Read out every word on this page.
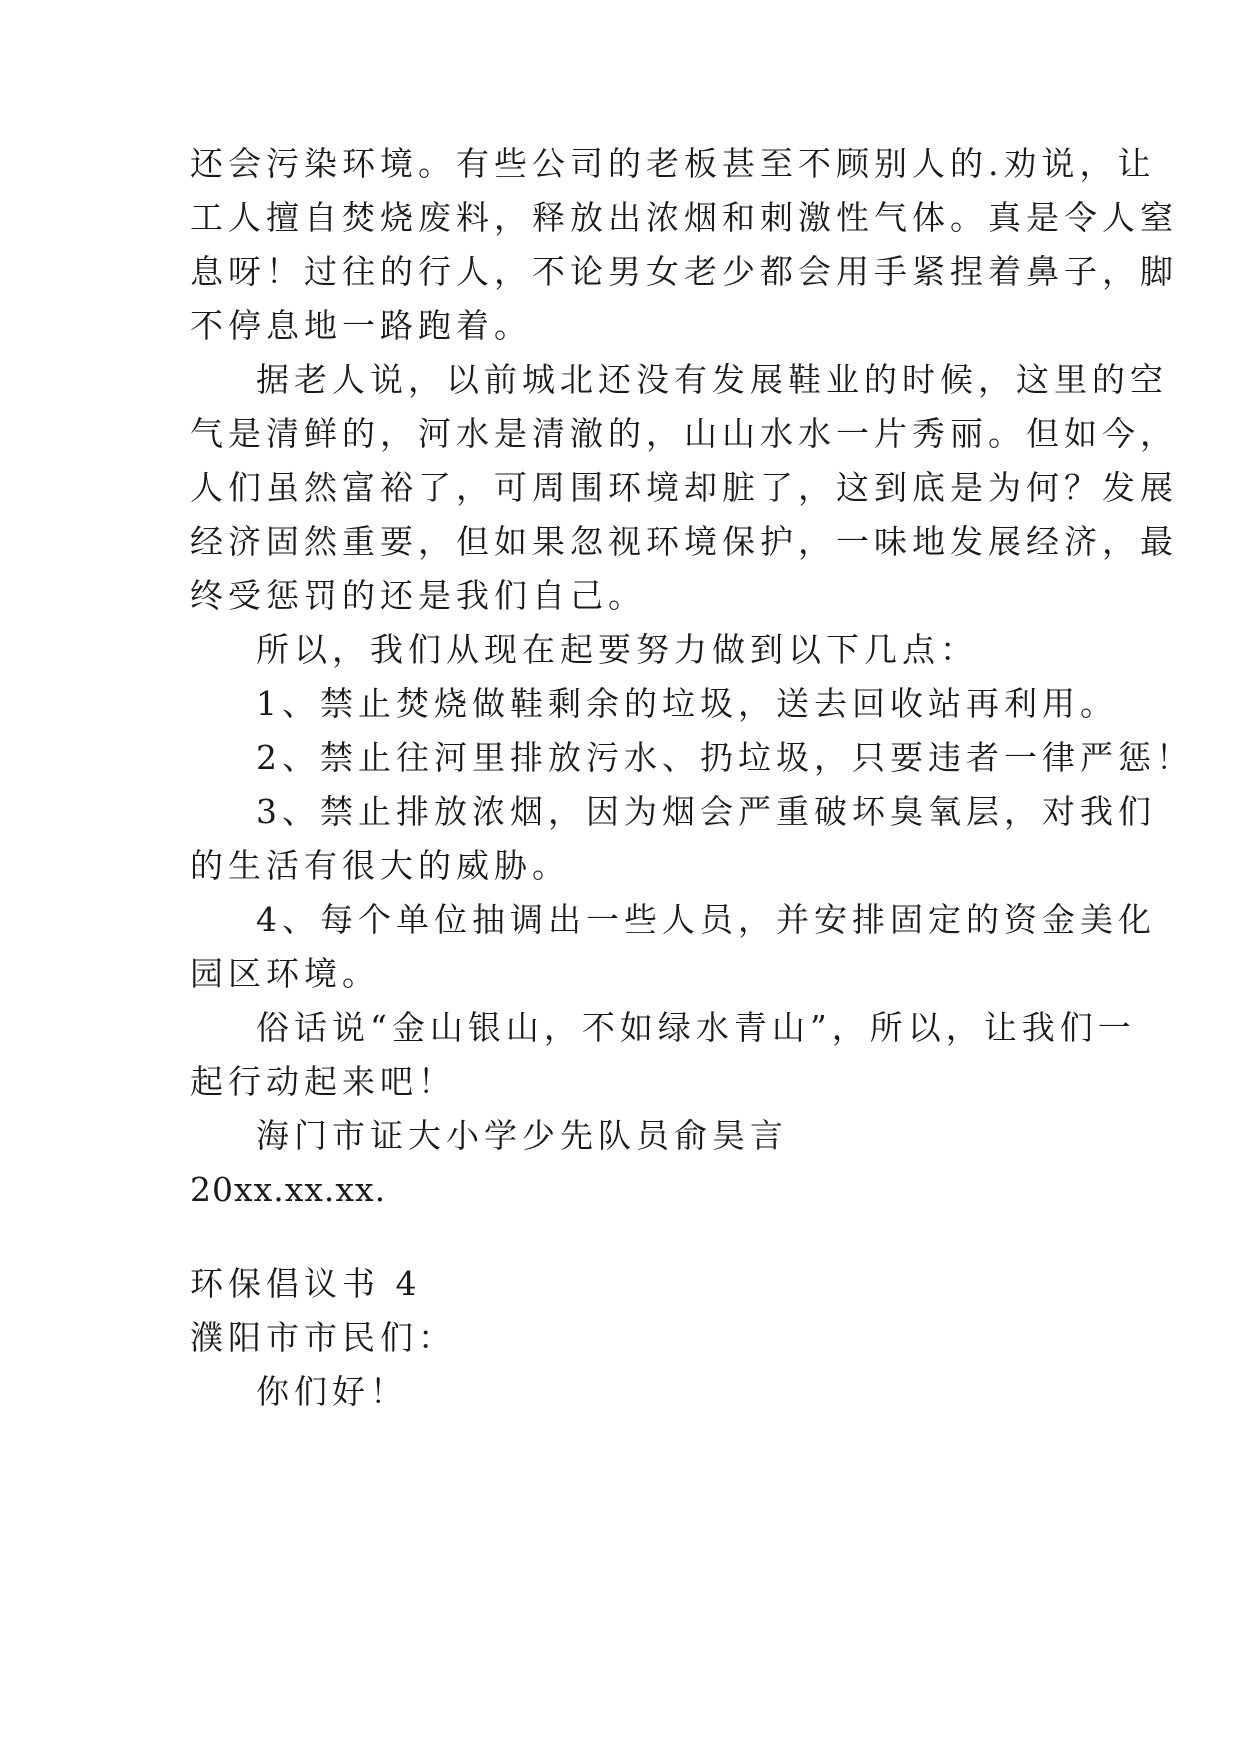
还会污染环境。有些公司的老板甚至不顾别人的.劝说，让
工人擅自焚烧废料，释放出浓烟和刺激性气体。真是令人窒
息呀！过往的行人，不论男女老少都会用手紧捏着鼻子，脚
不停息地一路跑着。
据老人说，以前城北还没有发展鞋业的时候，这里的空
气是清鲜的，河水是清澈的，山山水水一片秀丽。但如今，
人们虽然富裕了，可周围环境却脏了，这到底是为何？发展
经济固然重要，但如果忽视环境保护，一味地发展经济，最
终受惩罚的还是我们自己。
所以，我们从现在起要努力做到以下几点：
1、禁止焚烧做鞋剩余的垃圾，送去回收站再利用。
2、禁止往河里排放污水、扔垃圾，只要违者一律严惩！
3、禁止排放浓烟，因为烟会严重破坏臭氧层，对我们
的生活有很大的威胁。
4、每个单位抽调出一些人员，并安排固定的资金美化
园区环境。
俗话说“金山银山，不如绿水青山”，所以，让我们一
起行动起来吧！
海门市证大小学少先队员俞昊言
20xx.xx.xx.
环保倡议书 4
濮阳市市民们：
你们好！
